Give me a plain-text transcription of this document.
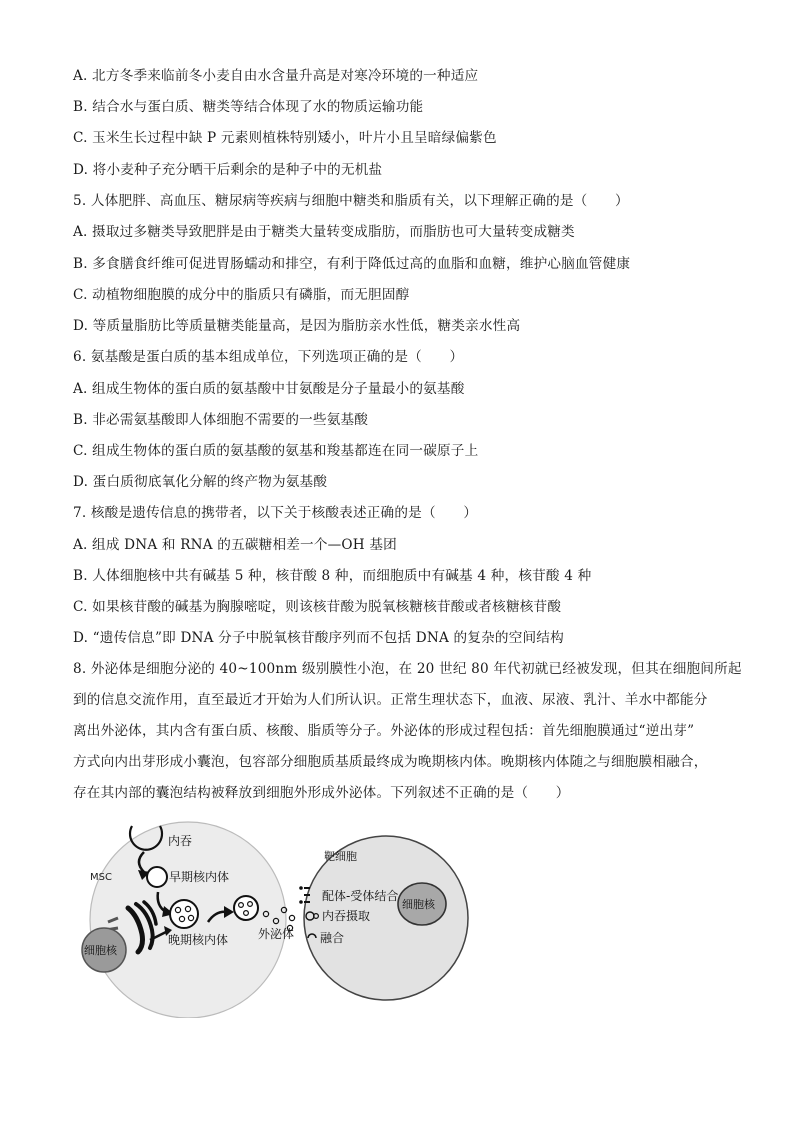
A. 北方冬季来临前冬小麦自由水含量升高是对寒冷环境的一种适应
B. 结合水与蛋白质、糖类等结合体现了水的物质运输功能
C. 玉米生长过程中缺 P 元素则植株特别矮小，叶片小且呈暗绿偏紫色
D. 将小麦种子充分晒干后剩余的是种子中的无机盐
5. 人体肥胖、高血压、糖尿病等疾病与细胞中糖类和脂质有关，以下理解正确的是（　　）
A. 摄取过多糖类导致肥胖是由于糖类大量转变成脂肪，而脂肪也可大量转变成糖类
B. 多食膳食纤维可促进胃肠蠕动和排空，有利于降低过高的血脂和血糖，维护心脑血管健康
C. 动植物细胞膜的成分中的脂质只有磷脂，而无胆固醇
D. 等质量脂肪比等质量糖类能量高，是因为脂肪亲水性低，糖类亲水性高
6. 氨基酸是蛋白质的基本组成单位，下列选项正确的是（　　）
A. 组成生物体的蛋白质的氨基酸中甘氨酸是分子量最小的氨基酸
B. 非必需氨基酸即人体细胞不需要的一些氨基酸
C. 组成生物体的蛋白质的氨基酸的氨基和羧基都连在同一碳原子上
D. 蛋白质彻底氧化分解的终产物为氨基酸
7. 核酸是遗传信息的携带者，以下关于核酸表述正确的是（　　）
A. 组成 DNA 和 RNA 的五碳糖相差一个—OH 基团
B. 人体细胞核中共有碱基 5 种，核苷酸 8 种，而细胞质中有碱基 4 种，核苷酸 4 种
C. 如果核苷酸的碱基为胸腺嘧啶，则该核苷酸为脱氧核糖核苷酸或者核糖核苷酸
D. “遗传信息”即 DNA 分子中脱氧核苷酸序列而不包括 DNA 的复杂的空间结构
8. 外泌体是细胞分泌的 40~100nm 级别膜性小泡，在 20 世纪 80 年代初就已经被发现，但其在细胞间所起
到的信息交流作用，直至最近才开始为人们所认识。正常生理状态下，血液、尿液、乳汁、羊水中都能分
离出外泌体，其内含有蛋白质、核酸、脂质等分子。外泌体的形成过程包括：首先细胞膜通过“逆出芽”
方式向内出芽形成小囊泡，包容部分细胞质基质最终成为晚期核内体。晚期核内体随之与细胞膜相融合，
存在其内部的囊泡结构被释放到细胞外形成外泌体。下列叙述不正确的是（　　）
内吞
MSC	早期核内体
晚期核内体
细胞核
外泌体
靶细胞
配体-受体结合
内吞摄取
融合
细胞核
